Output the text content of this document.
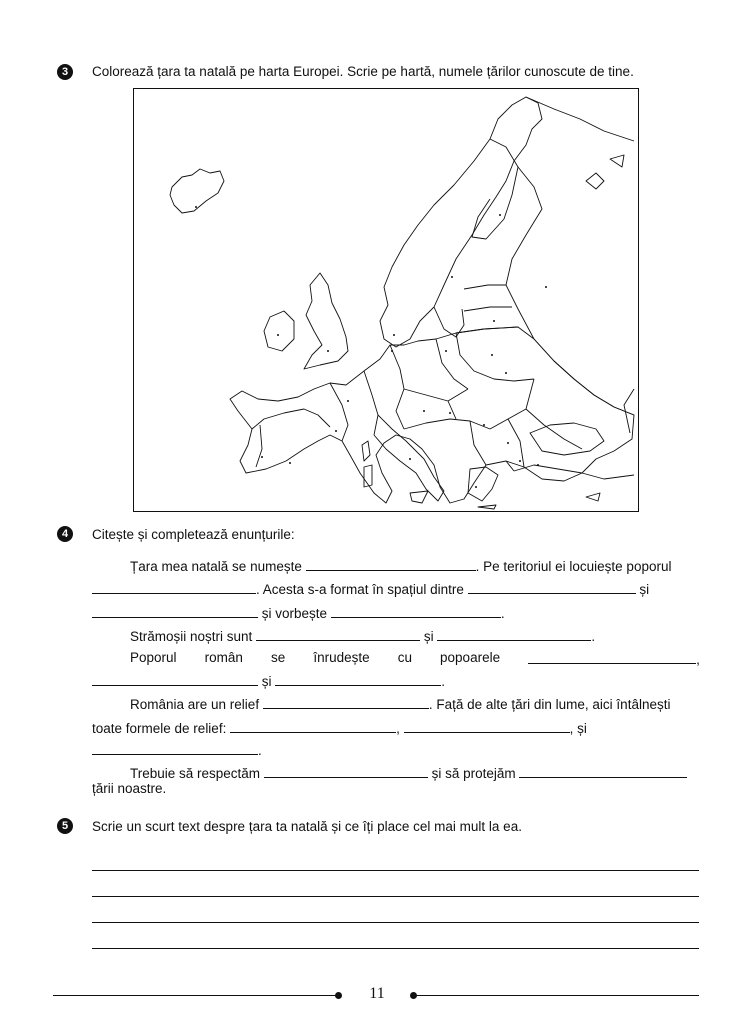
3	Colorează țara ta natală pe harta Europei. Scrie pe hartă, numele țărilor cunoscute de tine.
4	Citește și completează enunțurile:
Țara mea natală se numește	. Pe teritoriul ei locuiește poporul
. Acesta s-a format în spațiul dintre	și
și vorbește	.
Strămoșii noștri sunt	și	.
Poporul român se înrudește cu popoarele	,
și	.
România are un relief	. Față de alte țări din lume, aici întâlnești
toate formele de relief:	,	, și
.
Trebuie să respectăm	și să protejăm
țării noastre.
5	Scrie un scurt text despre țara ta natală și ce îți place cel mai mult la ea.
11
